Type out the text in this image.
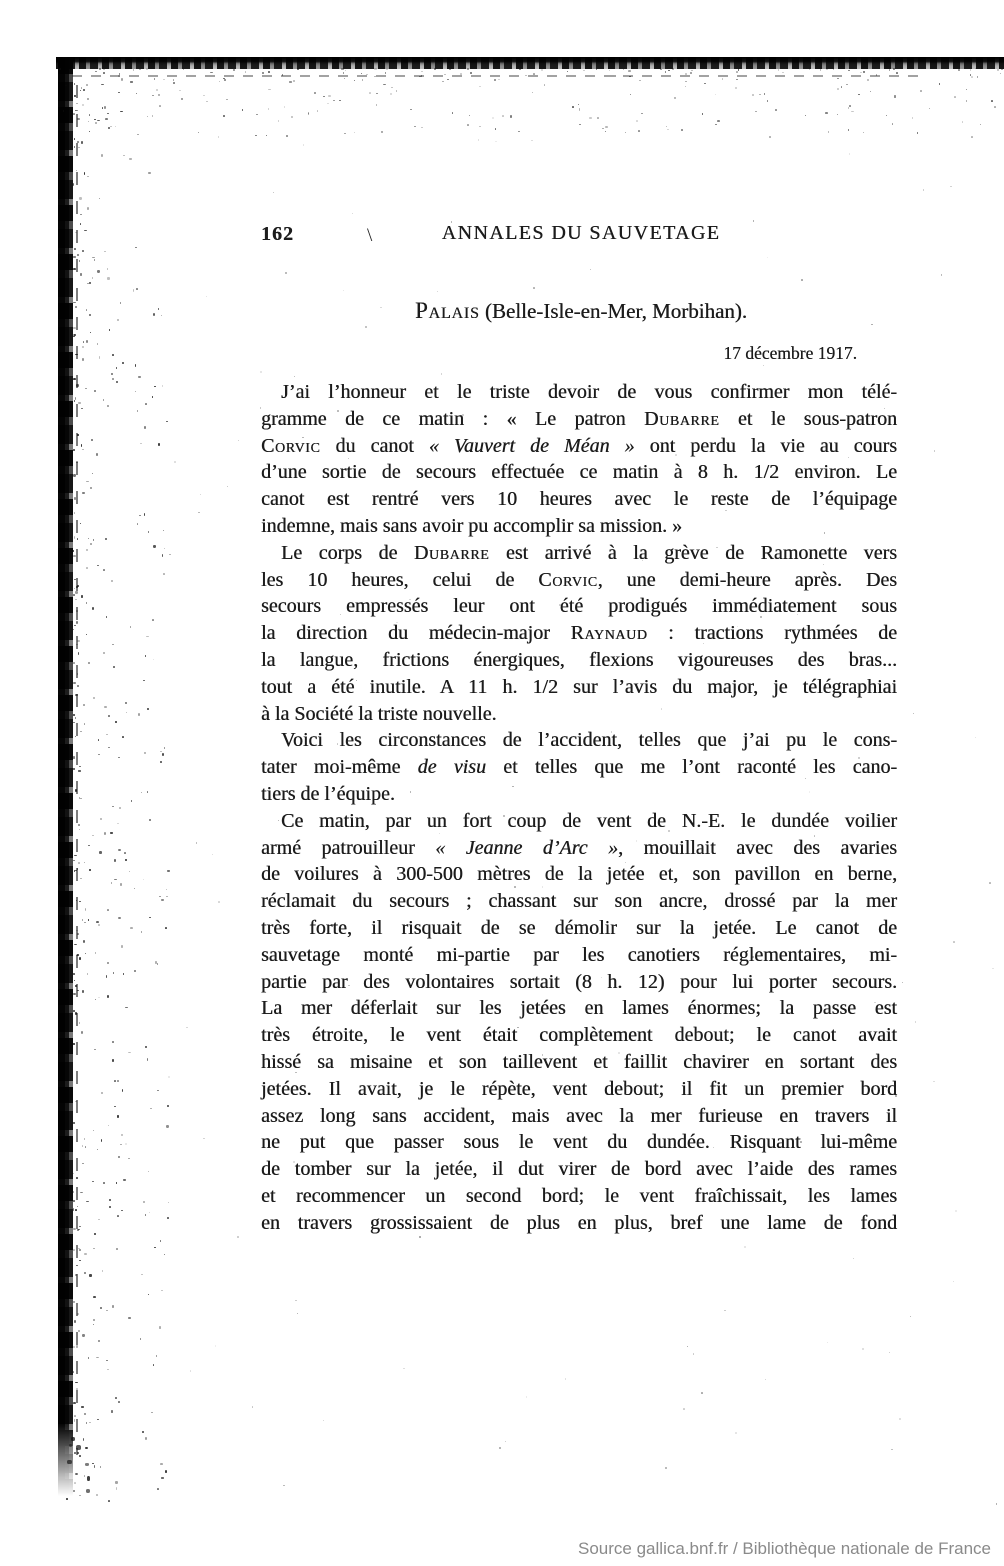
162	\	ANNALES DU SAUVETAGE
Palais (Belle-Isle-en-Mer, Morbihan).
17 décembre 1917.
J’ai l’honneur et le triste devoir de vous confirmer mon télé-
gramme de ce matin : « Le patron Dubarre et le sous-patron
Corvic du canot « Vauvert de Méan » ont perdu la vie au cours
d’une sortie de secours effectuée ce matin à 8 h. 1/2 environ. Le
canot est rentré vers 10 heures avec le reste de l’équipage
indemne, mais sans avoir pu accomplir sa mission. »
Le corps de Dubarre est arrivé à la grève de Ramonette vers
les 10 heures, celui de Corvic, une demi-heure après. Des
secours empressés leur ont été prodigués immédiatement sous
la direction du médecin-major Raynaud : tractions rythmées de
la langue, frictions énergiques, flexions vigoureuses des bras...
tout a été inutile. A 11 h. 1/2 sur l’avis du major, je télégraphiai
à la Société la triste nouvelle.
Voici les circonstances de l’accident, telles que j’ai pu le cons-
tater moi-même de visu et telles que me l’ont raconté les cano-
tiers de l’équipe.
Ce matin, par un fort coup de vent de N.-E. le dundée voilier
armé patrouilleur « Jeanne d’Arc », mouillait avec des avaries
de voilures à 300-500 mètres de la jetée et, son pavillon en berne,
réclamait du secours ; chassant sur son ancre, drossé par la mer
très forte, il risquait de se démolir sur la jetée. Le canot de
sauvetage monté mi-partie par les canotiers réglementaires, mi-
partie par des volontaires sortait (8 h. 12) pour lui porter secours.
La mer déferlait sur les jetées en lames énormes; la passe est
très étroite, le vent était complètement debout; le canot avait
hissé sa misaine et son taillevent et faillit chavirer en sortant des
jetées. Il avait, je le répète, vent debout; il fit un premier bord
assez long sans accident, mais avec la mer furieuse en travers il
ne put que passer sous le vent du dundée. Risquant lui-même
de tomber sur la jetée, il dut virer de bord avec l’aide des rames
et recommencer un second bord; le vent fraîchissait, les lames
en travers grossissaient de plus en plus, bref une lame de fond
Source gallica.bnf.fr / Bibliothèque nationale de France
